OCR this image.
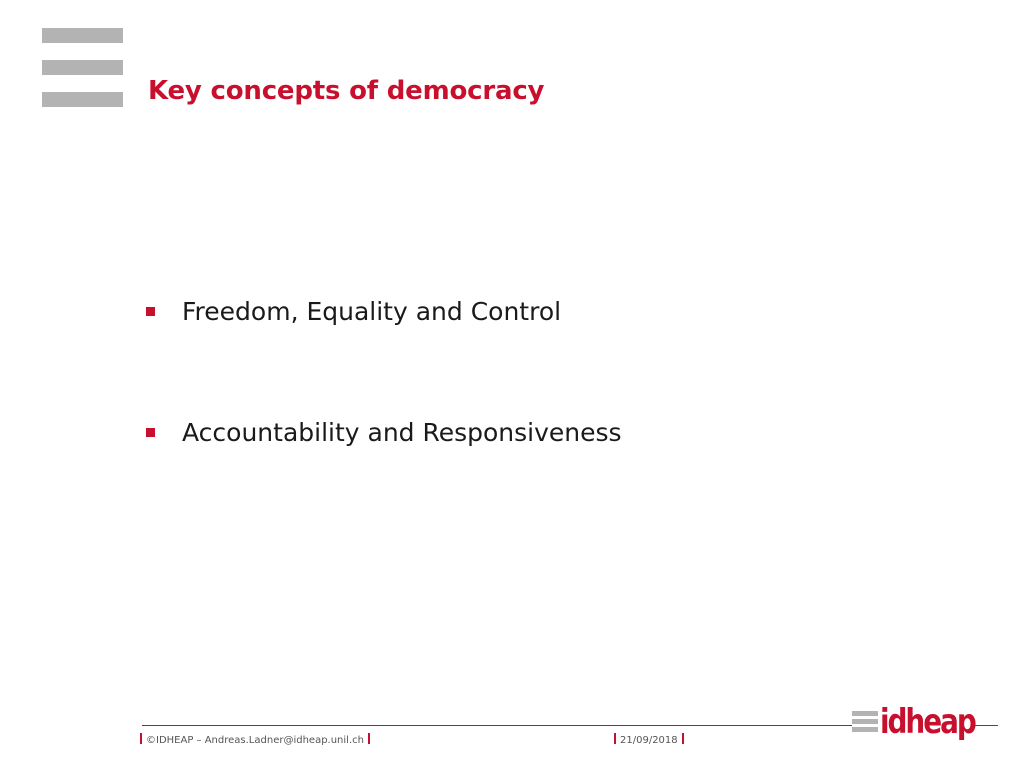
Key concepts of democracy
Freedom, Equality and Control
Accountability and Responsiveness
©IDHEAP – Andreas.Ladner@idheap.unil.ch	21/09/2018	idheap
